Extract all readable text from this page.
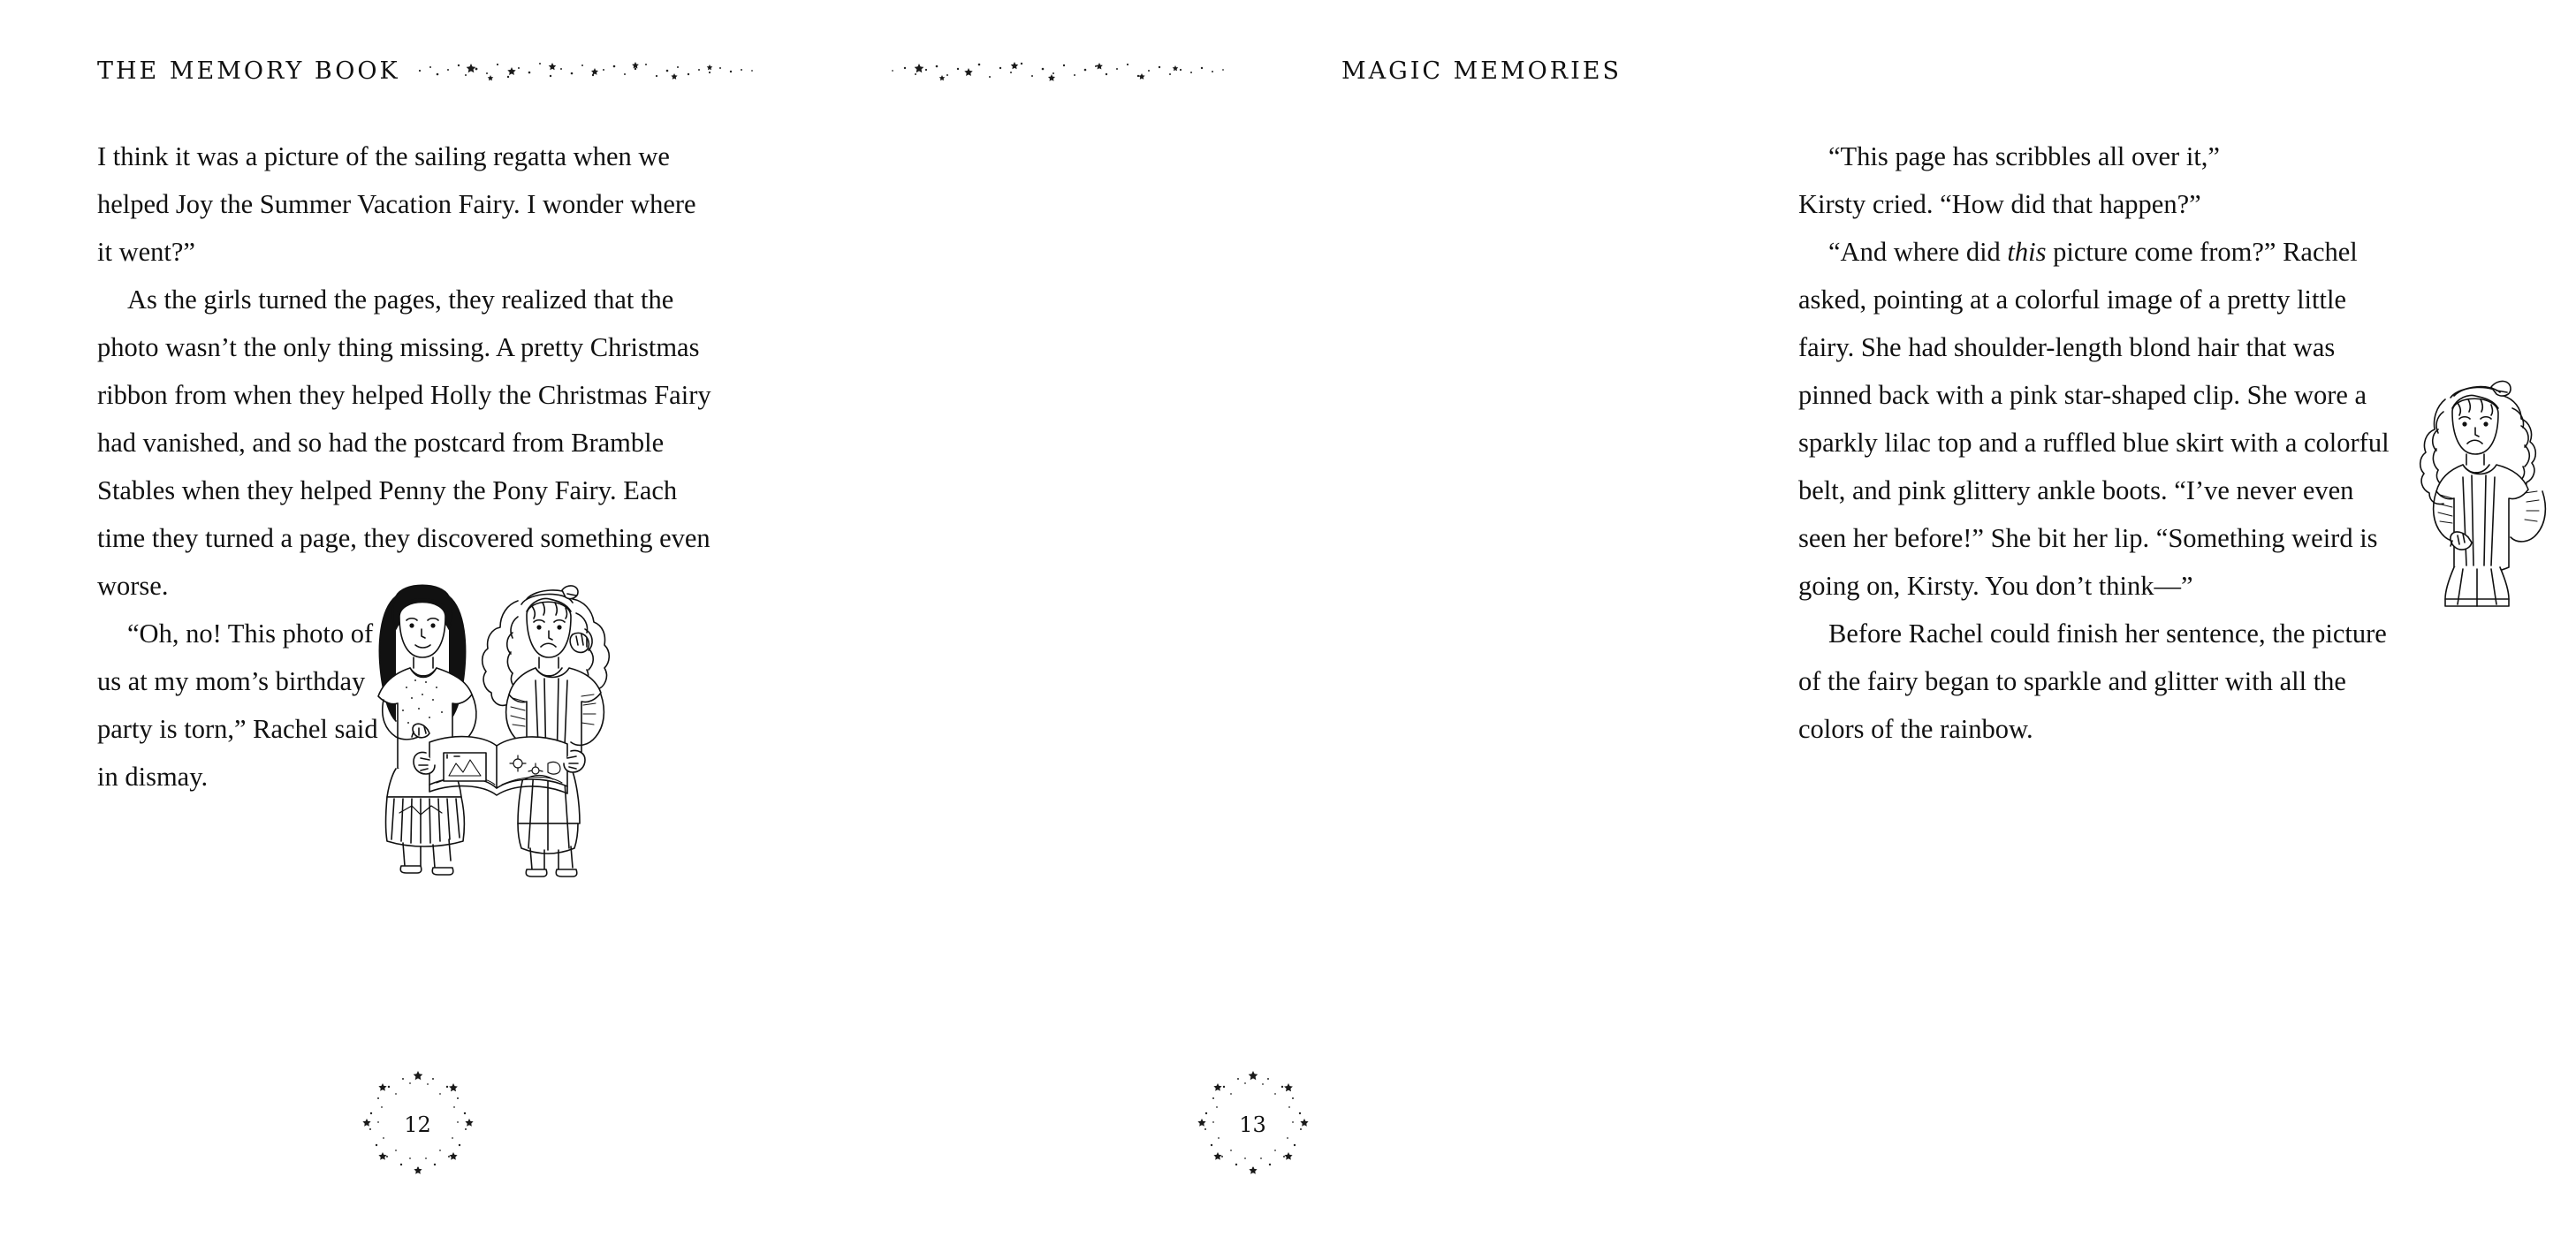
THE MEMORY BOOK

I think it was a picture of the sailing regatta when we helped Joy the Summer Vacation Fairy. I wonder where it went?”

As the girls turned the pages, they realized that the photo wasn’t the only thing missing. A pretty Christmas ribbon from when they helped Holly the Christmas Fairy had vanished, and so had the postcard from Bramble Stables when they helped Penny the Pony Fairy. Each time they turned a page, they discovered something even worse.

“Oh, no! This photo of us at my mom’s birthday party is torn,” Rachel said in dismay.

12
MAGIC MEMORIES

“This page has scribbles all over it,” Kirsty cried. “How did that happen?”

“And where did this picture come from?” Rachel asked, pointing at a colorful image of a pretty little fairy. She had shoulder-length blond hair that was pinned back with a pink star-shaped clip. She wore a sparkly lilac top and a ruffled blue skirt with a colorful belt, and pink glittery ankle boots. “I’ve never even seen her before!” She bit her lip. “Something weird is going on, Kirsty. You don’t think—”

Before Rachel could finish her sentence, the picture of the fairy began to sparkle and glitter with all the colors of the rainbow.

13
